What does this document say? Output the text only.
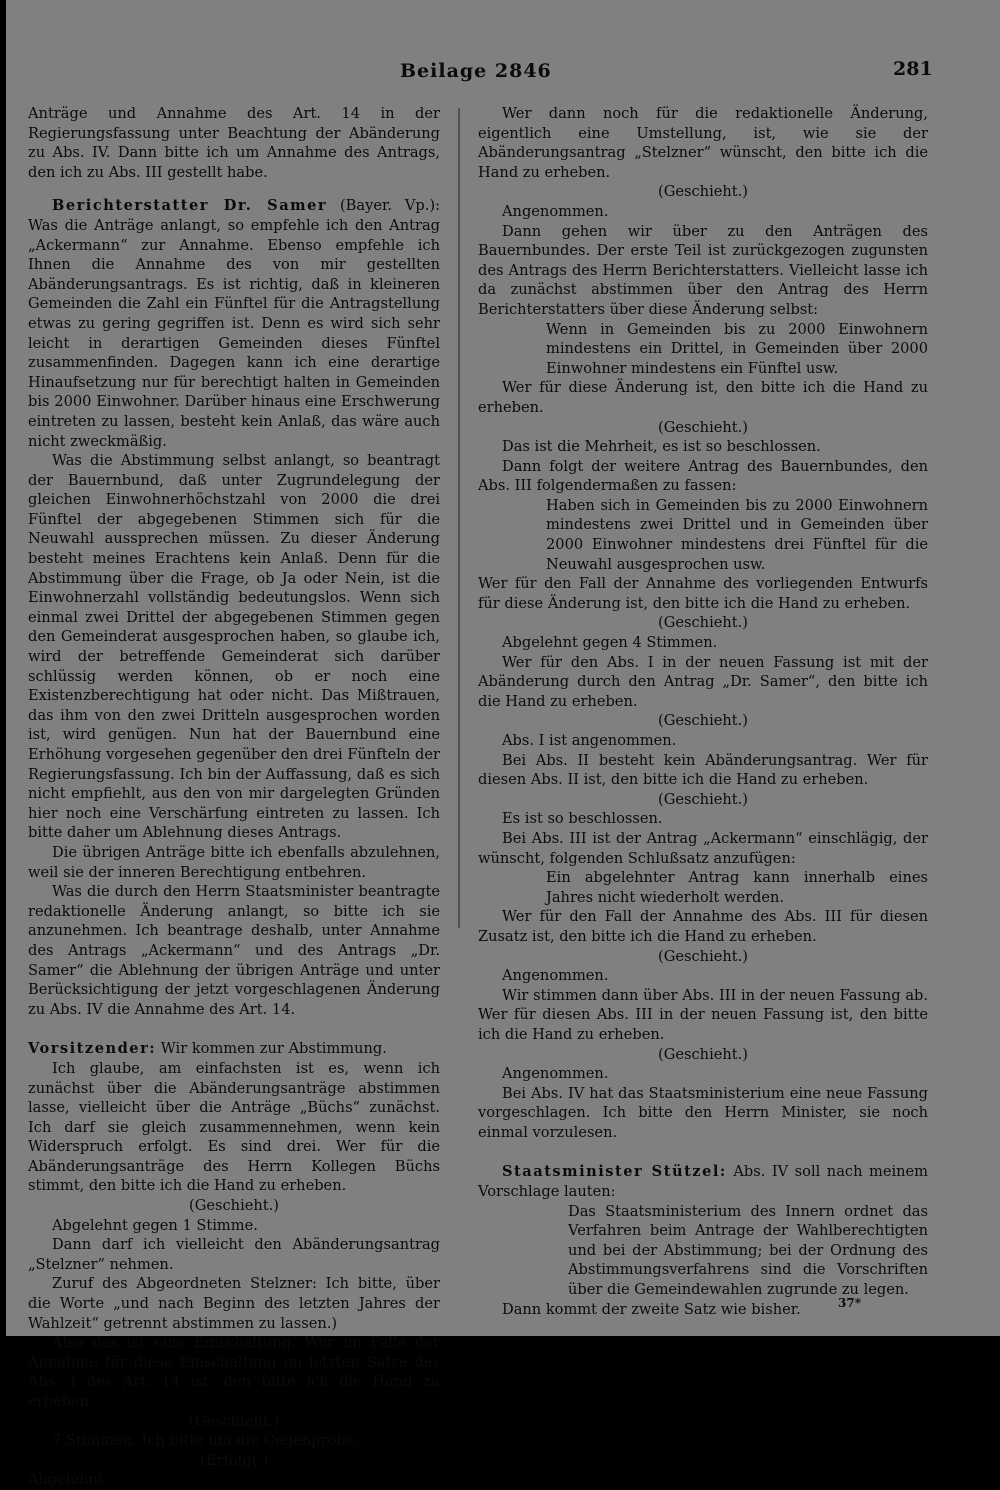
Beilage 2846	281

Anträge und Annahme des Art. 14 in der Regierungsfassung unter Beachtung der Abänderung zu Abs. IV. Dann bitte ich um Annahme des Antrags, den ich zu Abs. III gestellt habe.

Berichterstatter Dr. Samer (Bayer. Vp.): Was die Anträge anlangt, so empfehle ich den Antrag „Ackermann“ zur Annahme. Ebenso empfehle ich Ihnen die Annahme des von mir gestellten Abänderungsantrags. Es ist richtig, daß in kleineren Gemeinden die Zahl ein Fünftel für die Antragstellung etwas zu gering gegriffen ist. Denn es wird sich sehr leicht in derartigen Gemeinden dieses Fünftel zusammenfinden. Dagegen kann ich eine derartige Hinaufsetzung nur für berechtigt halten in Gemeinden bis 2000 Einwohner. Darüber hinaus eine Erschwerung eintreten zu lassen, besteht kein Anlaß, das wäre auch nicht zweckmäßig.

Was die Abstimmung selbst anlangt, so beantragt der Bauernbund, daß unter Zugrundelegung der gleichen Einwohnerhöchstzahl von 2000 die drei Fünftel der abgegebenen Stimmen sich für die Neuwahl aussprechen müssen. Zu dieser Änderung besteht meines Erachtens kein Anlaß. Denn für die Abstimmung über die Frage, ob Ja oder Nein, ist die Einwohnerzahl vollständig bedeutungslos. Wenn sich einmal zwei Drittel der abgegebenen Stimmen gegen den Gemeinderat ausgesprochen haben, so glaube ich, wird der betreffende Gemeinderat sich darüber schlüssig werden können, ob er noch eine Existenzberechtigung hat oder nicht. Das Mißtrauen, das ihm von den zwei Dritteln ausgesprochen worden ist, wird genügen. Nun hat der Bauernbund eine Erhöhung vorgesehen gegenüber den drei Fünfteln der Regierungsfassung. Ich bin der Auffassung, daß es sich nicht empfiehlt, aus den von mir dargelegten Gründen hier noch eine Verschärfung eintreten zu lassen. Ich bitte daher um Ablehnung dieses Antrags.

Die übrigen Anträge bitte ich ebenfalls abzulehnen, weil sie der inneren Berechtigung entbehren.

Was die durch den Herrn Staatsminister beantragte redaktionelle Änderung anlangt, so bitte ich sie anzunehmen. Ich beantrage deshalb, unter Annahme des Antrags „Ackermann“ und des Antrags „Dr. Samer“ die Ablehnung der übrigen Anträge und unter Berücksichtigung der jetzt vorgeschlagenen Änderung zu Abs. IV die Annahme des Art. 14.

Vorsitzender: Wir kommen zur Abstimmung.

Ich glaube, am einfachsten ist es, wenn ich zunächst über die Abänderungsanträge abstimmen lasse, vielleicht über die Anträge „Büchs“ zunächst. Ich darf sie gleich zusammennehmen, wenn kein Widerspruch erfolgt. Es sind drei. Wer für die Abänderungsanträge des Herrn Kollegen Büchs stimmt, den bitte ich die Hand zu erheben.

(Geschieht.)

Abgelehnt gegen 1 Stimme.

Dann darf ich vielleicht den Abänderungsantrag „Stelzner“ nehmen.

Zuruf des Abgeordneten Stelzner: Ich bitte, über die Worte „und nach Beginn des letzten Jahres der Wahlzeit“ getrennt abstimmen zu lassen.)

Also das ist eine Einschaltung. Wer im Falle der Annahme für diese Einschaltung im letzten Satze des Abs. I des Art. 14 ist, den bitte ich die Hand zu erheben.

(Geschieht.)

7 Stimmen. Ich bitte um die Gegenprobe.

(Erfolgt.)

Abgelehnt.

Wer dann noch für die redaktionelle Änderung, eigentlich eine Umstellung, ist, wie sie der Abänderungsantrag „Stelzner“ wünscht, den bitte ich die Hand zu erheben.

(Geschieht.)

Angenommen.

Dann gehen wir über zu den Anträgen des Bauernbundes. Der erste Teil ist zurückgezogen zugunsten des Antrags des Herrn Berichterstatters. Vielleicht lasse ich da zunächst abstimmen über den Antrag des Herrn Berichterstatters über diese Änderung selbst:

Wenn in Gemeinden bis zu 2000 Einwohnern mindestens ein Drittel, in Gemeinden über 2000 Einwohner mindestens ein Fünftel usw.

Wer für diese Änderung ist, den bitte ich die Hand zu erheben.

(Geschieht.)

Das ist die Mehrheit, es ist so beschlossen.

Dann folgt der weitere Antrag des Bauernbundes, den Abs. III folgendermaßen zu fassen:

Haben sich in Gemeinden bis zu 2000 Einwohnern mindestens zwei Drittel und in Gemeinden über 2000 Einwohner mindestens drei Fünftel für die Neuwahl ausgesprochen usw.

Wer für den Fall der Annahme des vorliegenden Entwurfs für diese Änderung ist, den bitte ich die Hand zu erheben.

(Geschieht.)

Abgelehnt gegen 4 Stimmen.

Wer für den Abs. I in der neuen Fassung ist mit der Abänderung durch den Antrag „Dr. Samer“, den bitte ich die Hand zu erheben.

(Geschieht.)

Abs. I ist angenommen.

Bei Abs. II besteht kein Abänderungsantrag. Wer für diesen Abs. II ist, den bitte ich die Hand zu erheben.

(Geschieht.)

Es ist so beschlossen.

Bei Abs. III ist der Antrag „Ackermann“ einschlägig, der wünscht, folgenden Schlußsatz anzufügen:

Ein abgelehnter Antrag kann innerhalb eines Jahres nicht wiederholt werden.

Wer für den Fall der Annahme des Abs. III für diesen Zusatz ist, den bitte ich die Hand zu erheben.

(Geschieht.)

Angenommen.

Wir stimmen dann über Abs. III in der neuen Fassung ab. Wer für diesen Abs. III in der neuen Fassung ist, den bitte ich die Hand zu erheben.

(Geschieht.)

Angenommen.

Bei Abs. IV hat das Staatsministerium eine neue Fassung vorgeschlagen. Ich bitte den Herrn Minister, sie noch einmal vorzulesen.

Staatsminister Stützel: Abs. IV soll nach meinem Vorschlage lauten:

Das Staatsministerium des Innern ordnet das Verfahren beim Antrage der Wahlberechtigten und bei der Abstimmung; bei der Ordnung des Abstimmungsverfahrens sind die Vorschriften über die Gemeindewahlen zugrunde zu legen.

Dann kommt der zweite Satz wie bisher.	37*
